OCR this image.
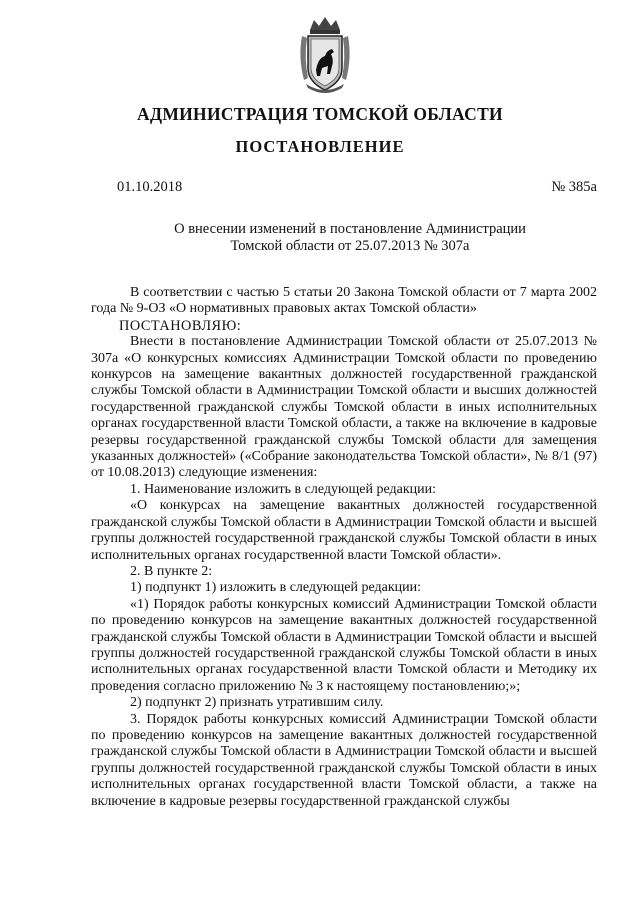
АДМИНИСТРАЦИЯ ТОМСКОЙ ОБЛАСТИ
ПОСТАНОВЛЕНИЕ
01.10.2018	№ 385а
О внесении изменений в постановление Администрации
Томской области от 25.07.2013 № 307а

В соответствии с частью 5 статьи 20 Закона Томской области от 7 марта 2002 года № 9-ОЗ «О нормативных правовых актах Томской области»

ПОСТАНОВЛЯЮ:

Внести в постановление Администрации Томской области от 25.07.2013 № 307а «О конкурсных комиссиях Администрации Томской области по проведению конкурсов на замещение вакантных должностей государственной гражданской службы Томской области в Администрации Томской области и высших должностей государственной гражданской службы Томской области в иных исполнительных органах государственной власти Томской области, а также на включение в кадровые резервы государственной гражданской службы Томской области для замещения указанных должностей» («Собрание законодательства Томской области», № 8/1 (97) от 10.08.2013) следующие изменения:

1. Наименование изложить в следующей редакции:

«О конкурсах на замещение вакантных должностей государственной гражданской службы Томской области в Администрации Томской области и высшей группы должностей государственной гражданской службы Томской области в иных исполнительных органах государственной власти Томской области».

2. В пункте 2:

1) подпункт 1) изложить в следующей редакции:

«1) Порядок работы конкурсных комиссий Администрации Томской области по проведению конкурсов на замещение вакантных должностей государственной гражданской службы Томской области в Администрации Томской области и высшей группы должностей государственной гражданской службы Томской области в иных исполнительных органах государственной власти Томской области и Методику их проведения согласно приложению № 3 к настоящему постановлению;»;

2) подпункт 2) признать утратившим силу.

3. Порядок работы конкурсных комиссий Администрации Томской области по проведению конкурсов на замещение вакантных должностей государственной гражданской службы Томской области в Администрации Томской области и высшей группы должностей государственной гражданской службы Томской области в иных исполнительных органах государственной власти Томской области, а также на включение в кадровые резервы государственной гражданской службы
